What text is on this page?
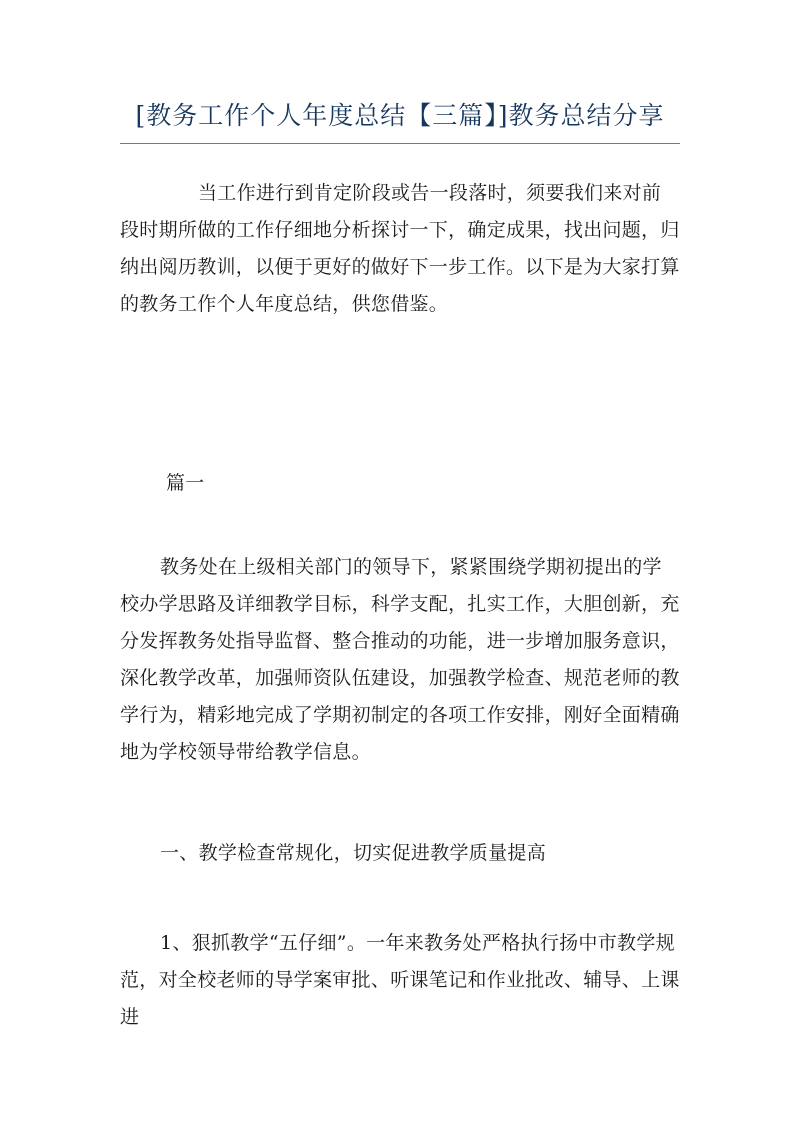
[教务工作个人年度总结【三篇】]教务总结分享

当工作进行到肯定阶段或告一段落时，须要我们来对前段时期所做的工作仔细地分析探讨一下，确定成果，找出问题，归纳出阅历教训，以便于更好的做好下一步工作。以下是为大家打算的教务工作个人年度总结，供您借鉴。

篇一

教务处在上级相关部门的领导下，紧紧围绕学期初提出的学校办学思路及详细教学目标，科学支配，扎实工作，大胆创新，充分发挥教务处指导监督、整合推动的功能，进一步增加服务意识，深化教学改革，加强师资队伍建设，加强教学检查、规范老师的教学行为，精彩地完成了学期初制定的各项工作安排，刚好全面精确地为学校领导带给教学信息。

一、教学检查常规化，切实促进教学质量提高

1、狠抓教学“五仔细”。一年来教务处严格执行扬中市教学规范，对全校老师的导学案审批、听课笔记和作业批改、辅导、上课进
